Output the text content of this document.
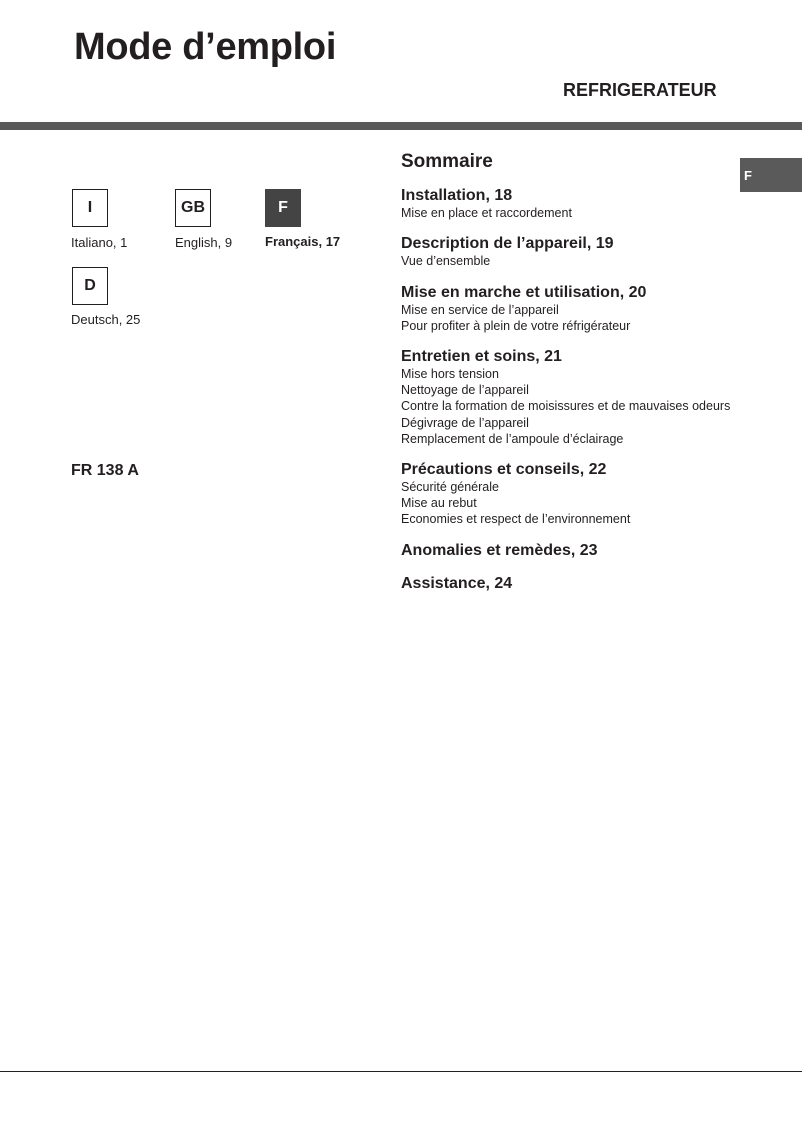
Mode d’emploi
REFRIGERATEUR
F
I
Italiano, 1
GB
English, 9
F
Français, 17
D
Deutsch, 25
FR 138 A
Sommaire
Installation, 18
Mise en place et raccordement
Description de l’appareil, 19
Vue d’ensemble
Mise en marche et utilisation, 20
Mise en service de l’appareil
Pour profiter à plein de votre réfrigérateur
Entretien et soins, 21
Mise hors tension
Nettoyage de l’appareil
Contre la formation de moisissures et de mauvaises odeurs
Dégivrage de l’appareil
Remplacement de l’ampoule d’éclairage
Précautions et conseils, 22
Sécurité générale
Mise au rebut
Economies et respect de l’environnement
Anomalies et remèdes, 23
Assistance, 24
